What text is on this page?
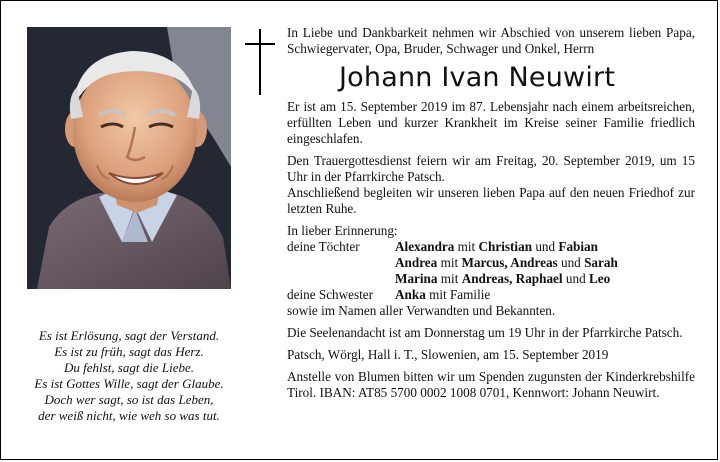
Es ist Erlösung, sagt der Verstand.
Es ist zu früh, sagt das Herz.
Du fehlst, sagt die Liebe.
Es ist Gottes Wille, sagt der Glaube.
Doch wer sagt, so ist das Leben,
der weiß nicht, wie weh so was tut.

In Liebe und Dankbarkeit nehmen wir Abschied von unserem lieben Papa, Schwiegervater, Opa, Bruder, Schwager und Onkel, Herrn

Johann Ivan Neuwirt

Er ist am 15. September 2019 im 87. Lebensjahr nach einem arbeitsreichen, erfüllten Leben und kurzer Krankheit im Kreise seiner Familie friedlich eingeschlafen.

Den Trauergottesdienst feiern wir am Freitag, 20. September 2019, um 15 Uhr in der Pfarrkirche Patsch.

Anschließend begleiten wir unseren lieben Papa auf den neuen Friedhof zur letzten Ruhe.

In lieber Erinnerung:

deine Töchter	Alexandra mit Christian und Fabian
Andrea mit Marcus, Andreas und Sarah
Marina mit Andreas, Raphael und Leo
deine Schwester	Anka mit Familie

sowie im Namen aller Verwandten und Bekannten.

Die Seelenandacht ist am Donnerstag um 19 Uhr in der Pfarrkirche Patsch.

Patsch, Wörgl, Hall i. T., Slowenien, am 15. September 2019

Anstelle von Blumen bitten wir um Spenden zugunsten der Kinderkrebshilfe Tirol. IBAN: AT85 5700 0002 1008 0701, Kennwort: Johann Neuwirt.
